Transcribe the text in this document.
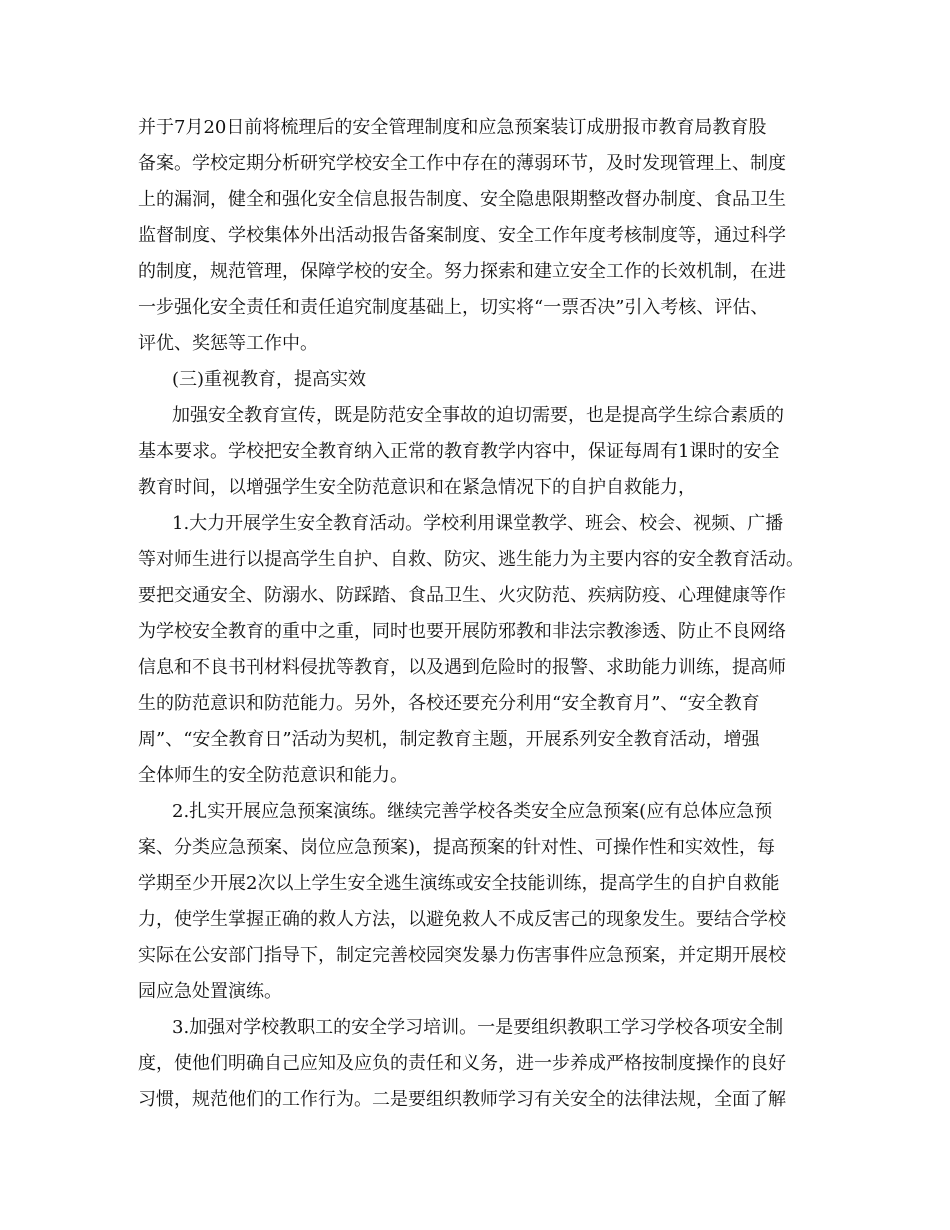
并于7月20日前将梳理后的安全管理制度和应急预案装订成册报市教育局教育股
备案。学校定期分析研究学校安全工作中存在的薄弱环节，及时发现管理上、制度
上的漏洞，健全和强化安全信息报告制度、安全隐患限期整改督办制度、食品卫生
监督制度、学校集体外出活动报告备案制度、安全工作年度考核制度等，通过科学
的制度，规范管理，保障学校的安全。努力探索和建立安全工作的长效机制，在进
一步强化安全责任和责任追究制度基础上，切实将“一票否决”引入考核、评估、
评优、奖惩等工作中。
(三)重视教育，提高实效
加强安全教育宣传，既是防范安全事故的迫切需要，也是提高学生综合素质的
基本要求。学校把安全教育纳入正常的教育教学内容中，保证每周有1课时的安全
教育时间，以增强学生安全防范意识和在紧急情况下的自护自救能力，
1.大力开展学生安全教育活动。学校利用课堂教学、班会、校会、视频、广播
等对师生进行以提高学生自护、自救、防灾、逃生能力为主要内容的安全教育活动。
要把交通安全、防溺水、防踩踏、食品卫生、火灾防范、疾病防疫、心理健康等作
为学校安全教育的重中之重，同时也要开展防邪教和非法宗教渗透、防止不良网络
信息和不良书刊材料侵扰等教育，以及遇到危险时的报警、求助能力训练，提高师
生的防范意识和防范能力。另外，各校还要充分利用“安全教育月”、“安全教育
周”、“安全教育日”活动为契机，制定教育主题，开展系列安全教育活动，增强
全体师生的安全防范意识和能力。
2.扎实开展应急预案演练。继续完善学校各类安全应急预案(应有总体应急预
案、分类应急预案、岗位应急预案)，提高预案的针对性、可操作性和实效性，每
学期至少开展2次以上学生安全逃生演练或安全技能训练，提高学生的自护自救能
力，使学生掌握正确的救人方法，以避免救人不成反害己的现象发生。要结合学校
实际在公安部门指导下，制定完善校园突发暴力伤害事件应急预案，并定期开展校
园应急处置演练。
3.加强对学校教职工的安全学习培训。一是要组织教职工学习学校各项安全制
度，使他们明确自己应知及应负的责任和义务，进一步养成严格按制度操作的良好
习惯，规范他们的工作行为。二是要组织教师学习有关安全的法律法规，全面了解
